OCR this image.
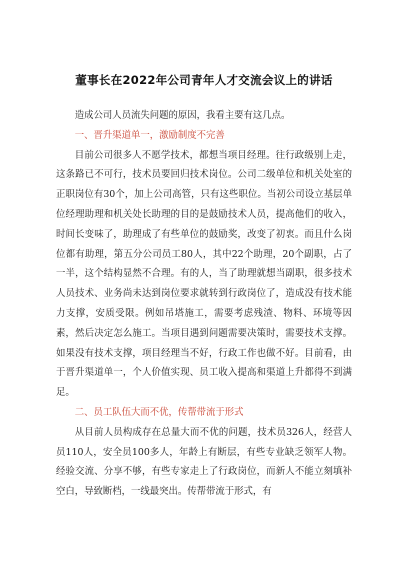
董事长在2022年公司青年人才交流会议上的讲话

造成公司人员流失问题的原因，我看主要有这几点。

一、晋升渠道单一，激励制度不完善

目前公司很多人不愿学技术，都想当项目经理。往行政级别上走，这条路已不可行，技术员要回归技术岗位。公司二级单位和机关处室的正职岗位有30个，加上公司高管，只有这些职位。当初公司设立基层单位经理助理和机关处长助理的目的是鼓励技术人员，提高他们的收入，时间长变味了，助理成了有些单位的鼓励奖，改变了初衷。而且什么岗位都有助理，第五分公司员工80人，其中22个助理，20个副职，占了一半，这个结构显然不合理。有的人，当了助理就想当副职，很多技术人员技术、业务尚未达到岗位要求就转到行政岗位了，造成没有技术能力支撑，安质受限。例如吊塔施工，需要考虑残渣、物料、环境等因素，然后决定怎么施工。当项目遇到问题需要决策时，需要技术支撑。如果没有技术支撑，项目经理当不好，行政工作也做不好。目前看，由于晋升渠道单一，个人价值实现、员工收入提高和渠道上升都得不到满足。

二、员工队伍大而不优，传帮带流于形式

从目前人员构成存在总量大而不优的问题，技术员326人，经营人员110人，安全员100多人，年龄上有断层，有些专业缺乏领军人物。经验交流、分享不够，有些专家走上了行政岗位，而新人不能立刻填补空白，导致断档，一线最突出。传帮带流于形式，有
